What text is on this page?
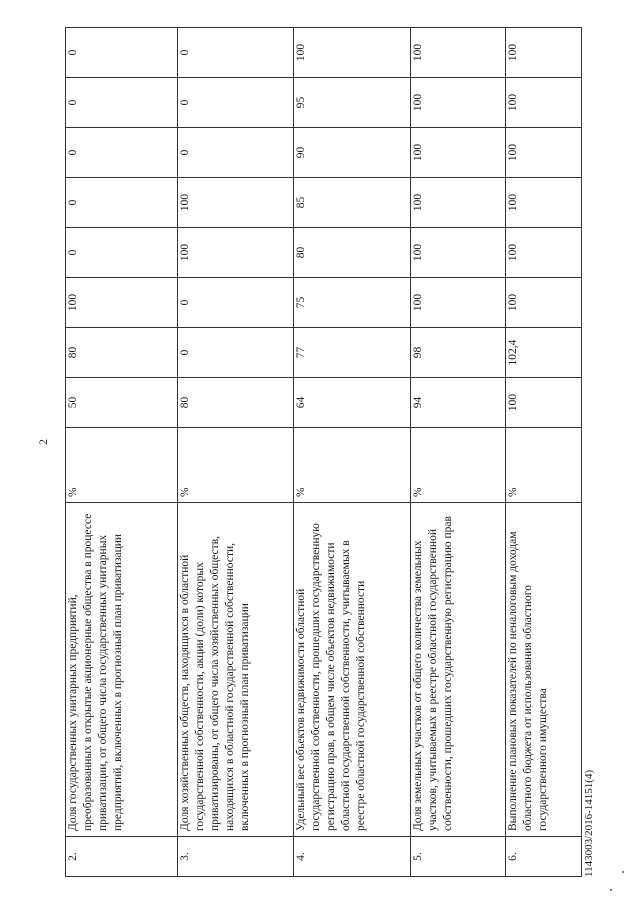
2
2.	Доля государственных унитарных предприятий, преобразованных в открытые акционерные общества в процессе приватизации, от общего числа государственных унитарных предприятий, включенных в прогнозный план приватизации	%	50	80	100	0	0	0	0	0
3.	Доля хозяйственных обществ, находящихся в областной государственной собственности, акции (доли) которых приватизированы, от общего числа хозяйственных обществ, находящихся в областной государственной собственности, включенных в прогнозный план приватизации	%	80	0	0	100	100	0	0	0
4.	Удельный вес объектов недвижимости областной государственной собственности, прошедших государственную регистрацию прав, в общем числе объектов недвижимости областной государственной собственности, учитываемых в реестре областной государственной собственности	%	64	77	75	80	85	90	95	100
5.	Доля земельных участков от общего количества земельных участков, учитываемых в реестре областной государственной собственности, прошедших государственную регистрацию прав	%	94	98	100	100	100	100	100	100
6.	Выполнение плановых показателей по неналоговым доходам областного бюджета от использования областного государственного имущества	%	100	102,4	100	100	100	100	100	100
1143003/2016-14151(4)
